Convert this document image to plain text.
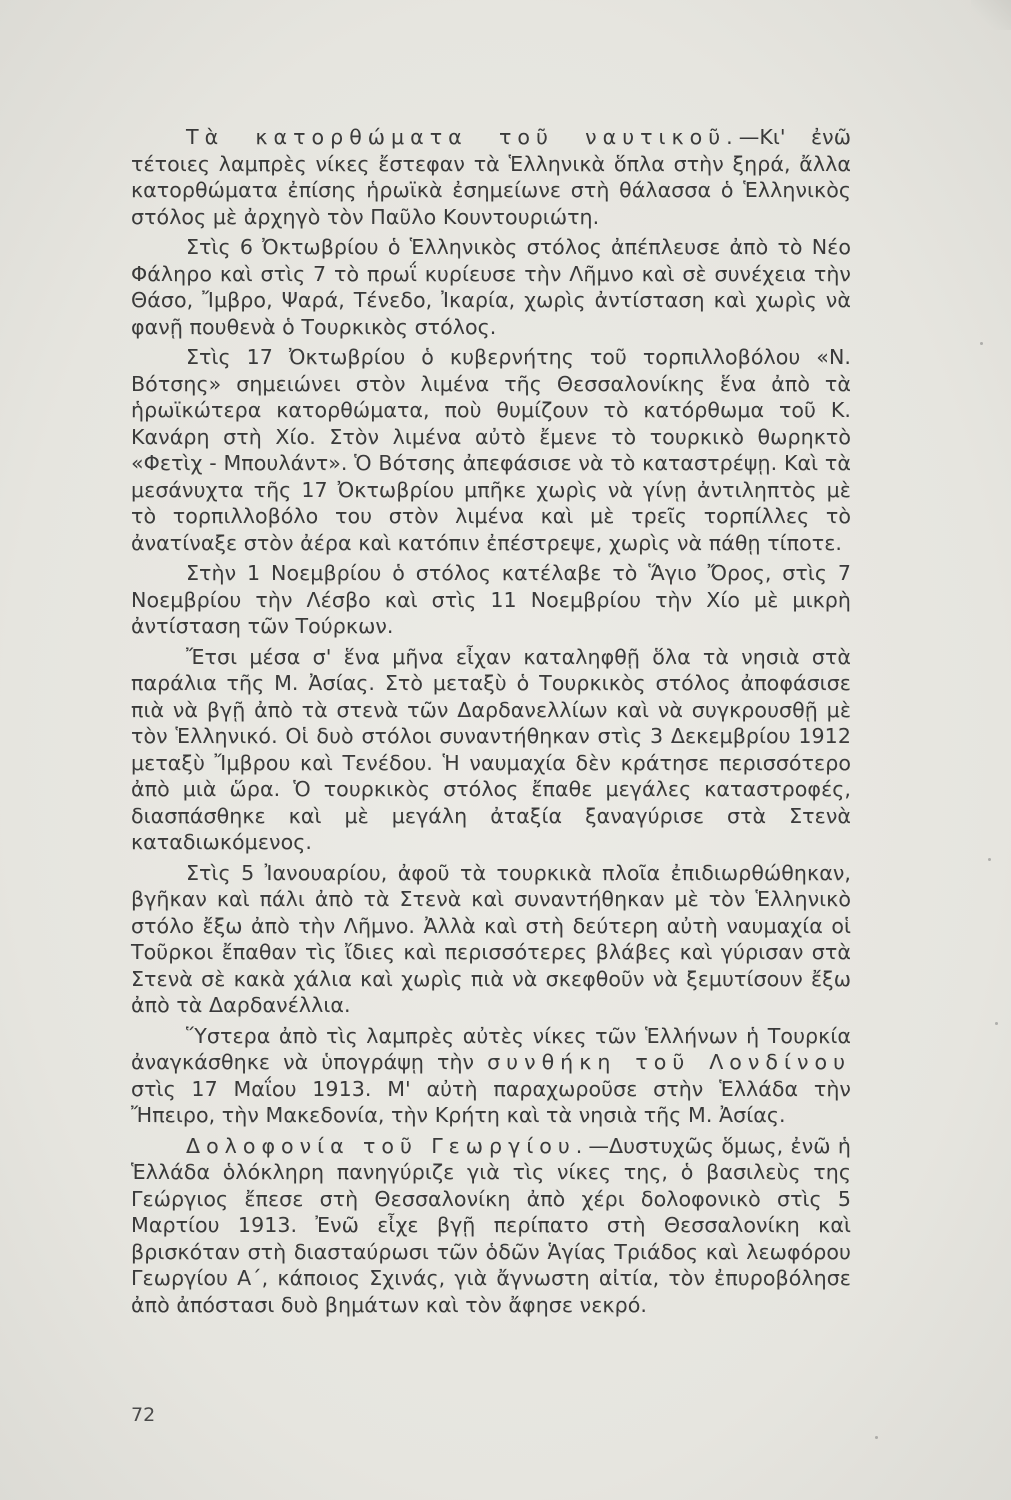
Τὰ κατορθώματα τοῦ ναυτικοῦ.—Κι' ἐνῶ τέτοιες λαμπρὲς νίκες ἔστεφαν τὰ Ἑλληνικὰ ὅπλα στὴν ξηρά, ἄλλα κατορθώματα ἐπίσης ἡρωϊκὰ ἐσημείωνε στὴ θάλασσα ὁ Ἑλληνικὸς στόλος μὲ ἀρχηγὸ τὸν Παῦλο Κουντουριώτη.

Στὶς 6 Ὀκτωβρίου ὁ Ἑλληνικὸς στόλος ἀπέπλευσε ἀπὸ τὸ Νέο Φάληρο καὶ στὶς 7 τὸ πρωΐ κυρίευσε τὴν Λῆμνο καὶ σὲ συνέχεια τὴν Θάσο, Ἴμβρο, Ψαρά, Τένεδο, Ἰκαρία, χωρὶς ἀντίσταση καὶ χωρὶς νὰ φανῇ πουθενὰ ὁ Τουρκικὸς στόλος.

Στὶς 17 Ὀκτωβρίου ὁ κυβερνήτης τοῦ τορπιλλοβόλου «Ν. Βότσης» σημειώνει στὸν λιμένα τῆς Θεσσαλονίκης ἕνα ἀπὸ τὰ ἡρωϊκώτερα κατορθώματα, ποὺ θυμίζουν τὸ κατόρθωμα τοῦ Κ. Κανάρη στὴ Χίο. Στὸν λιμένα αὐτὸ ἔμενε τὸ τουρκικὸ θωρηκτὸ «Φετὶχ - Μπουλάντ». Ὁ Βότσης ἀπεφάσισε νὰ τὸ καταστρέψῃ. Καὶ τὰ μεσάνυχτα τῆς 17 Ὀκτωβρίου μπῆκε χωρὶς νὰ γίνῃ ἀντιληπτὸς μὲ τὸ τορπιλλοβόλο του στὸν λιμένα καὶ μὲ τρεῖς τορπίλλες τὸ ἀνατίναξε στὸν ἀέρα καὶ κατόπιν ἐπέστρεψε, χωρὶς νὰ πάθῃ τίποτε.

Στὴν 1 Νοεμβρίου ὁ στόλος κατέλαβε τὸ Ἅγιο Ὄρος, στὶς 7 Νοεμβρίου τὴν Λέσβο καὶ στὶς 11 Νοεμβρίου τὴν Χίο μὲ μικρὴ ἀντίσταση τῶν Τούρκων.

Ἔτσι μέσα σ' ἕνα μῆνα εἶχαν καταληφθῇ ὅλα τὰ νησιὰ στὰ παράλια τῆς Μ. Ἀσίας. Στὸ μεταξὺ ὁ Τουρκικὸς στόλος ἀποφάσισε πιὰ νὰ βγῇ ἀπὸ τὰ στενὰ τῶν Δαρδανελλίων καὶ νὰ συγκρουσθῇ μὲ τὸν Ἑλληνικό. Οἱ δυὸ στόλοι συναντήθηκαν στὶς 3 Δεκεμβρίου 1912 μεταξὺ Ἴμβρου καὶ Τενέδου. Ἡ ναυμαχία δὲν κράτησε περισσότερο ἀπὸ μιὰ ὥρα. Ὁ τουρκικὸς στόλος ἔπαθε μεγάλες καταστροφές, διασπάσθηκε καὶ μὲ μεγάλη ἀταξία ξαναγύρισε στὰ Στενὰ καταδιωκόμενος.

Στὶς 5 Ἰανουαρίου, ἀφοῦ τὰ τουρκικὰ πλοῖα ἐπιδιωρθώθηκαν, βγῆκαν καὶ πάλι ἀπὸ τὰ Στενὰ καὶ συναντήθηκαν μὲ τὸν Ἑλληνικὸ στόλο ἔξω ἀπὸ τὴν Λῆμνο. Ἀλλὰ καὶ στὴ δεύτερη αὐτὴ ναυμαχία οἱ Τοῦρκοι ἔπαθαν τὶς ἴδιες καὶ περισσότερες βλάβες καὶ γύρισαν στὰ Στενὰ σὲ κακὰ χάλια καὶ χωρὶς πιὰ νὰ σκεφθοῦν νὰ ξεμυτίσουν ἔξω ἀπὸ τὰ Δαρδανέλλια.

Ὕστερα ἀπὸ τὶς λαμπρὲς αὐτὲς νίκες τῶν Ἑλλήνων ἡ Τουρκία ἀναγκάσθηκε νὰ ὑπογράψῃ τὴν συνθήκη τοῦ Λονδίνου στὶς 17 Μαΐου 1913. Μ' αὐτὴ παραχωροῦσε στὴν Ἑλλάδα τὴν Ἤπειρο, τὴν Μακεδονία, τὴν Κρήτη καὶ τὰ νησιὰ τῆς Μ. Ἀσίας.

Δολοφονία τοῦ Γεωργίου.—Δυστυχῶς ὅμως, ἐνῶ ἡ Ἑλλάδα ὁλόκληρη πανηγύριζε γιὰ τὶς νίκες της, ὁ βασιλεὺς της Γεώργιος ἔπεσε στὴ Θεσσαλονίκη ἀπὸ χέρι δολοφονικὸ στὶς 5 Μαρτίου 1913. Ἐνῶ εἶχε βγῇ περίπατο στὴ Θεσσαλονίκη καὶ βρισκόταν στὴ διασταύρωσι τῶν ὁδῶν Ἁγίας Τριάδος καὶ λεωφόρου Γεωργίου Α΄, κάποιος Σχινάς, γιὰ ἄγνωστη αἰτία, τὸν ἐπυροβόλησε ἀπὸ ἀπόστασι δυὸ βημάτων καὶ τὸν ἄφησε νεκρό.

72
